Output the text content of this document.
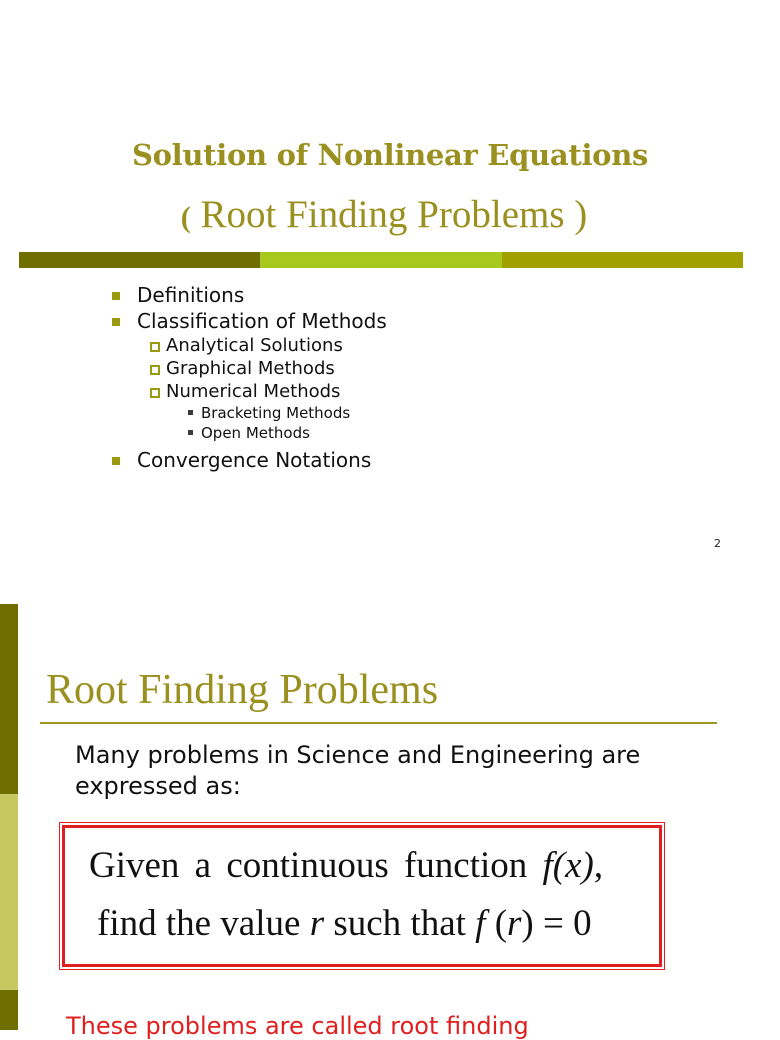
Solution of Nonlinear Equations
( Root Finding Problems )
Definitions
Classification of Methods
Analytical Solutions
Graphical Methods
Numerical Methods
Bracketing Methods
Open Methods
Convergence Notations
2
Root Finding Problems
Many problems in Science and Engineering are expressed as:
Given a continuous function f(x),
find the value r such that f (r) = 0
These problems are called root finding
